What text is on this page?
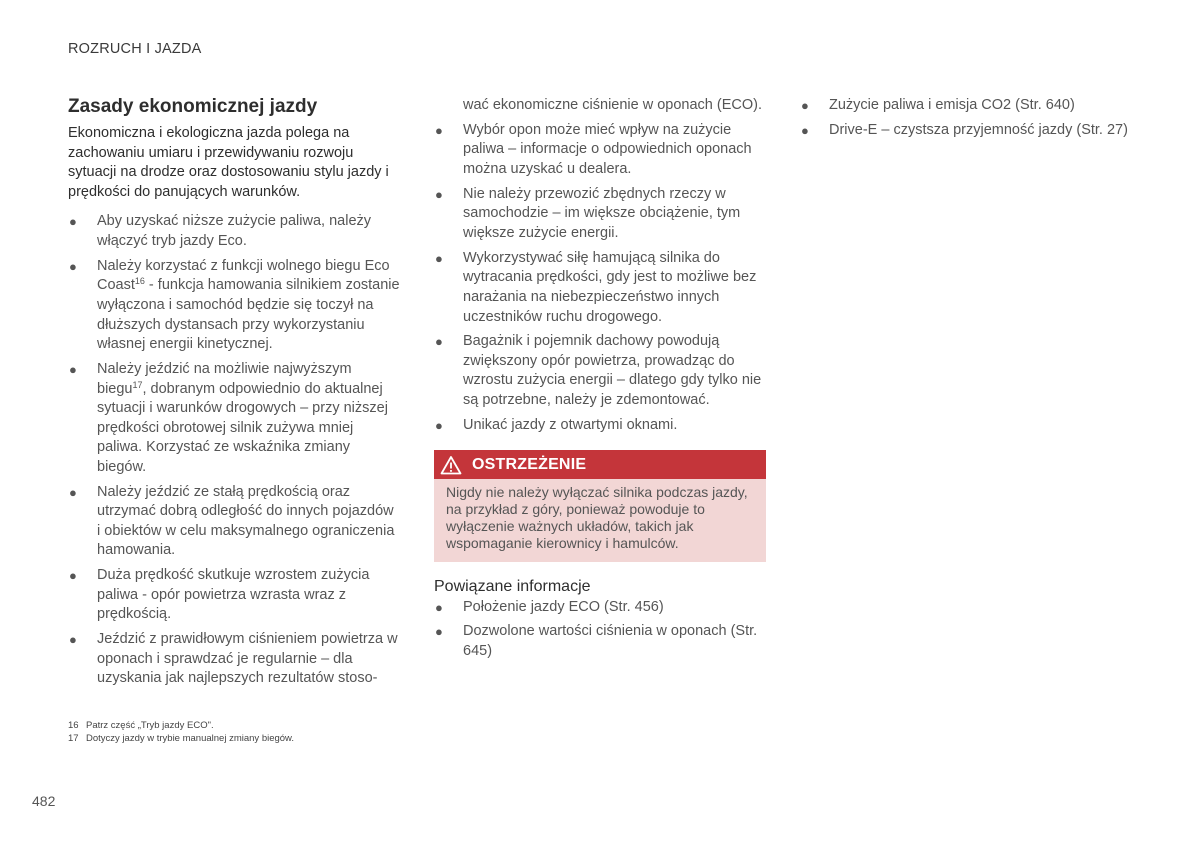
ROZRUCH I JAZDA
Zasady ekonomicznej jazdy

Ekonomiczna i ekologiczna jazda polega na zachowaniu umiaru i przewidywaniu rozwoju sytuacji na drodze oraz dostosowaniu stylu jazdy i prędkości do panujących warunków.

● Aby uzyskać niższe zużycie paliwa, należy włączyć tryb jazdy Eco.
● Należy korzystać z funkcji wolnego biegu Eco Coast$^{16}$ - funkcja hamowania silnikiem zostanie wyłączona i samochód będzie się toczył na dłuższych dystansach przy wykorzystaniu własnej energii kinetycznej.
● Należy jeździć na możliwie najwyższym biegu$^{17}$, dobranym odpowiednio do aktualnej sytuacji i warunków drogowych – przy niższej prędkości obrotowej silnik zużywa mniej paliwa. Korzystać ze wskaźnika zmiany biegów.
● Należy jeździć ze stałą prędkością oraz utrzymać dobrą odległość do innych pojazdów i obiektów w celu maksymalnego ograniczenia hamowania.
● Duża prędkość skutkuje wzrostem zużycia paliwa - opór powietrza wzrasta wraz z prędkością.
● Jeździć z prawidłowym ciśnieniem powietrza w oponach i sprawdzać je regularnie – dla uzyskania jak najlepszych rezultatów stoso-

wać ekonomiczne ciśnienie w oponach (ECO).

● Wybór opon może mieć wpływ na zużycie paliwa – informacje o odpowiednich oponach można uzyskać u dealera.
● Nie należy przewozić zbędnych rzeczy w samochodzie – im większe obciążenie, tym większe zużycie energii.
● Wykorzystywać siłę hamującą silnika do wytracania prędkości, gdy jest to możliwe bez narażania na niebezpieczeństwo innych uczestników ruchu drogowego.
● Bagażnik i pojemnik dachowy powodują zwiększony opór powietrza, prowadząc do wzrostu zużycia energii – dlatego gdy tylko nie są potrzebne, należy je zdemontować.
● Unikać jazdy z otwartymi oknami.
OSTRZEŻENIE
Nigdy nie należy wyłączać silnika podczas jazdy, na przykład z góry, ponieważ powoduje to wyłączenie ważnych układów, takich jak wspomaganie kierownicy i hamulców.
Powiązane informacje
● Położenie jazdy ECO (Str. 456)
● Dozwolone wartości ciśnienia w oponach (Str. 645)
● Zużycie paliwa i emisja CO2 (Str. 640)
● Drive-E – czystsza przyjemność jazdy (Str. 27)
16 Patrz część „Tryb jazdy ECO".
17 Dotyczy jazdy w trybie manualnej zmiany biegów.
482
